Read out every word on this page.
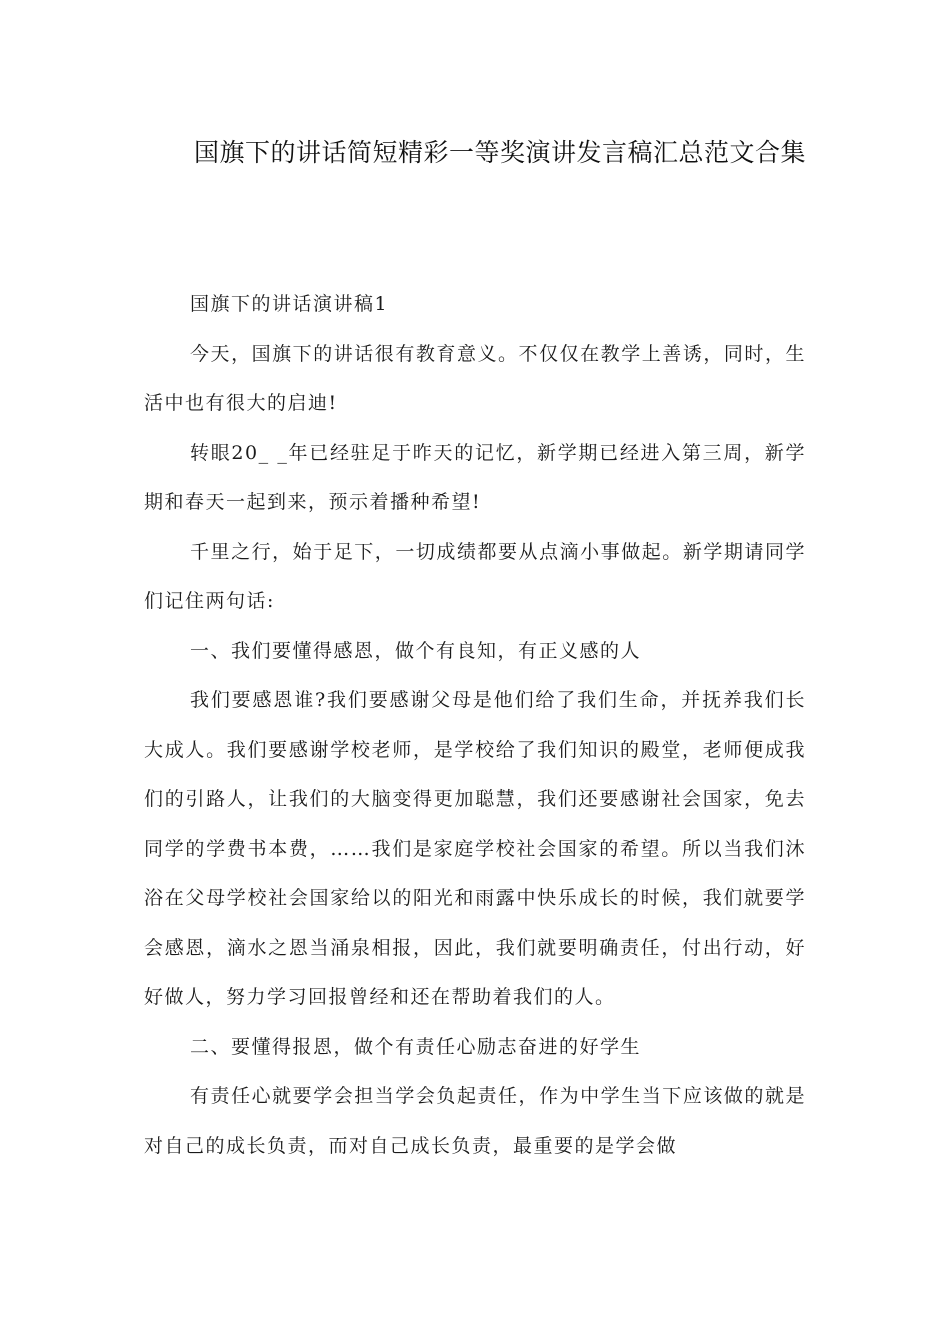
国旗下的讲话简短精彩一等奖演讲发言稿汇总范文合集

国旗下的讲话演讲稿1

今天，国旗下的讲话很有教育意义。不仅仅在教学上善诱，同时，生活中也有很大的启迪!

转眼20_ _年已经驻足于昨天的记忆，新学期已经进入第三周，新学期和春天一起到来，预示着播种希望!

千里之行，始于足下，一切成绩都要从点滴小事做起。新学期请同学们记住两句话:

一、我们要懂得感恩，做个有良知，有正义感的人

我们要感恩谁?我们要感谢父母是他们给了我们生命，并抚养我们长大成人。我们要感谢学校老师，是学校给了我们知识的殿堂，老师便成我们的引路人，让我们的大脑变得更加聪慧，我们还要感谢社会国家，免去同学的学费书本费，……我们是家庭学校社会国家的希望。所以当我们沐浴在父母学校社会国家给以的阳光和雨露中快乐成长的时候，我们就要学会感恩，滴水之恩当涌泉相报，因此，我们就要明确责任，付出行动，好好做人，努力学习回报曾经和还在帮助着我们的人。

二、要懂得报恩，做个有责任心励志奋进的好学生

有责任心就要学会担当学会负起责任，作为中学生当下应该做的就是对自己的成长负责，而对自己成长负责，最重要的是学会做
